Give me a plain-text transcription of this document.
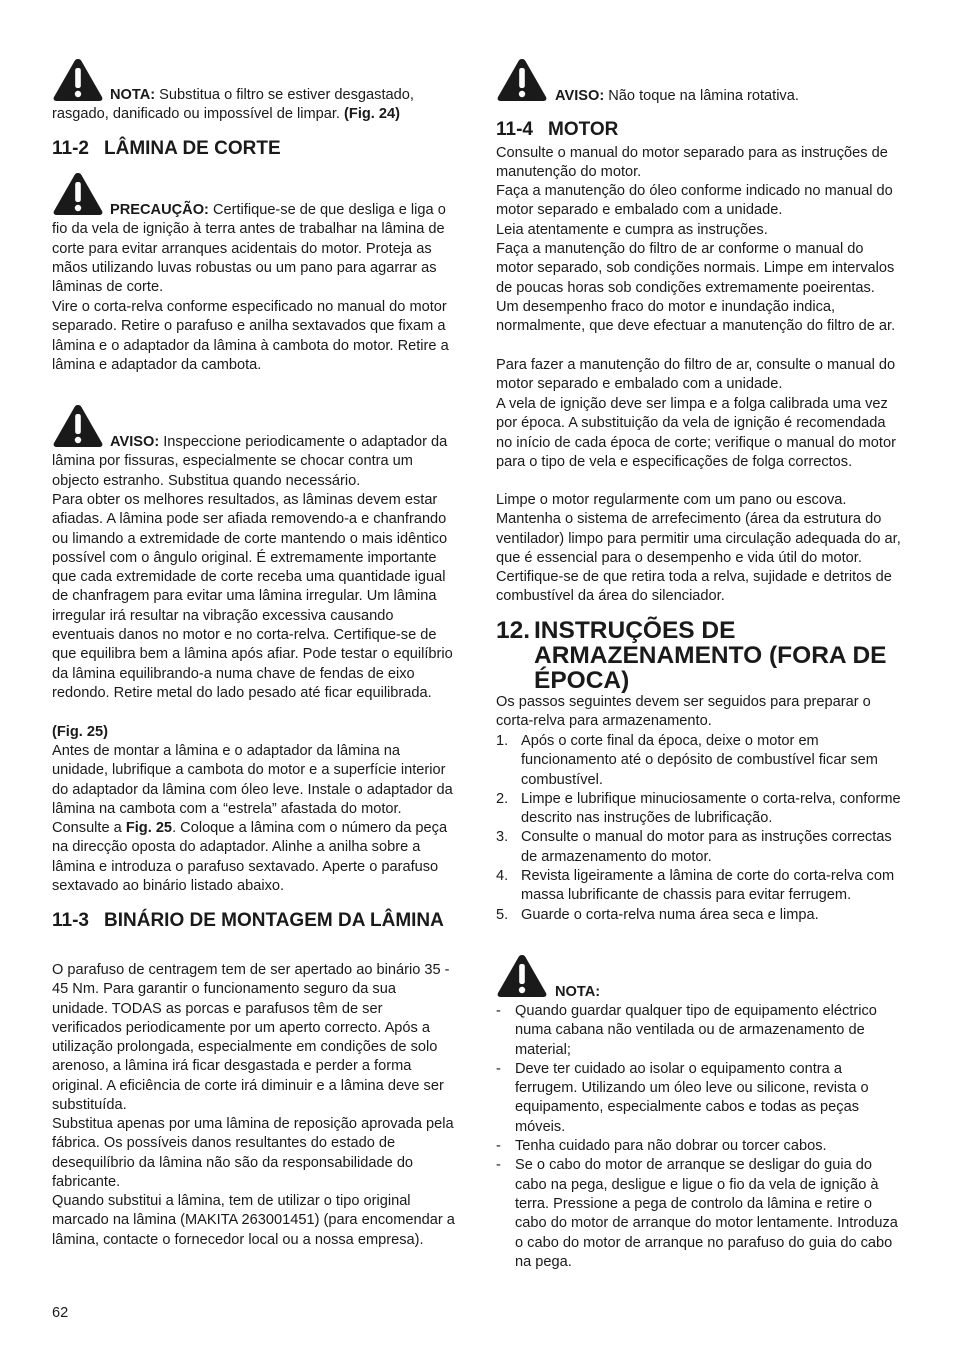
NOTA: Substitua o filtro se estiver desgastado, rasgado, danificado ou impossível de limpar. (Fig. 24)

11-2 LÂMINA DE CORTE

PRECAUÇÃO: Certifique-se de que desliga e liga o fio da vela de ignição à terra antes de trabalhar na lâmina de corte para evitar arranques acidentais do motor. Proteja as mãos utilizando luvas robustas ou um pano para agarrar as lâminas de corte.

Vire o corta-relva conforme especificado no manual do motor separado. Retire o parafuso e anilha sextavados que fixam a lâmina e o adaptador da lâmina à cambota do motor. Retire a lâmina e adaptador da cambota.

AVISO: Inspeccione periodicamente o adaptador da lâmina por fissuras, especialmente se chocar contra um objecto estranho. Substitua quando necessário.

Para obter os melhores resultados, as lâminas devem estar afiadas. A lâmina pode ser afiada removendo-a e chanfrando ou limando a extremidade de corte mantendo o mais idêntico possível com o ângulo original. É extremamente importante que cada extremidade de corte receba uma quantidade igual de chanfragem para evitar uma lâmina irregular. Um lâmina irregular irá resultar na vibração excessiva causando eventuais danos no motor e no corta-relva. Certifique-se de que equilibra bem a lâmina após afiar. Pode testar o equilíbrio da lâmina equilibrando-a numa chave de fendas de eixo redondo. Retire metal do lado pesado até ficar equilibrada.

(Fig. 25)

Antes de montar a lâmina e o adaptador da lâmina na unidade, lubrifique a cambota do motor e a superfície interior do adaptador da lâmina com óleo leve. Instale o adaptador da lâmina na cambota com a “estrela” afastada do motor. Consulte a Fig. 25. Coloque a lâmina com o número da peça na direcção oposta do adaptador. Alinhe a anilha sobre a lâmina e introduza o parafuso sextavado. Aperte o parafuso sextavado ao binário listado abaixo.

11-3 BINÁRIO DE MONTAGEM DA LÂMINA

O parafuso de centragem tem de ser apertado ao binário 35 - 45 Nm. Para garantir o funcionamento seguro da sua unidade. TODAS as porcas e parafusos têm de ser verificados periodicamente por um aperto correcto. Após a utilização prolongada, especialmente em condições de solo arenoso, a lâmina irá ficar desgastada e perder a forma original. A eficiência de corte irá diminuir e a lâmina deve ser substituída.

Substitua apenas por uma lâmina de reposição aprovada pela fábrica. Os possíveis danos resultantes do estado de desequilíbrio da lâmina não são da responsabilidade do fabricante.

Quando substitui a lâmina, tem de utilizar o tipo original marcado na lâmina (MAKITA 263001451) (para encomendar a lâmina, contacte o fornecedor local ou a nossa empresa).

AVISO: Não toque na lâmina rotativa.

11-4 MOTOR

Consulte o manual do motor separado para as instruções de manutenção do motor.

Faça a manutenção do óleo conforme indicado no manual do motor separado e embalado com a unidade.

Leia atentamente e cumpra as instruções.

Faça a manutenção do filtro de ar conforme o manual do motor separado, sob condições normais. Limpe em intervalos de poucas horas sob condições extremamente poeirentas. Um desempenho fraco do motor e inundação indica, normalmente, que deve efectuar a manutenção do filtro de ar.

Para fazer a manutenção do filtro de ar, consulte o manual do motor separado e embalado com a unidade.

A vela de ignição deve ser limpa e a folga calibrada uma vez por época. A substituição da vela de ignição é recomendada no início de cada época de corte; verifique o manual do motor para o tipo de vela e especificações de folga correctos.

Limpe o motor regularmente com um pano ou escova. Mantenha o sistema de arrefecimento (área da estrutura do ventilador) limpo para permitir uma circulação adequada do ar, que é essencial para o desempenho e vida útil do motor. Certifique-se de que retira toda a relva, sujidade e detritos de combustível da área do silenciador.

12. INSTRUÇÕES DE ARMAZENAMENTO (FORA DE ÉPOCA)

Os passos seguintes devem ser seguidos para preparar o corta-relva para armazenamento.

1. Após o corte final da época, deixe o motor em funcionamento até o depósito de combustível ficar sem combustível.
2. Limpe e lubrifique minuciosamente o corta-relva, conforme descrito nas instruções de lubrificação.
3. Consulte o manual do motor para as instruções correctas de armazenamento do motor.
4. Revista ligeiramente a lâmina de corte do corta-relva com massa lubrificante de chassis para evitar ferrugem.
5. Guarde o corta-relva numa área seca e limpa.

NOTA:

- Quando guardar qualquer tipo de equipamento eléctrico numa cabana não ventilada ou de armazenamento de material;
- Deve ter cuidado ao isolar o equipamento contra a ferrugem. Utilizando um óleo leve ou silicone, revista o equipamento, especialmente cabos e todas as peças móveis.
- Tenha cuidado para não dobrar ou torcer cabos.
- Se o cabo do motor de arranque se desligar do guia do cabo na pega, desligue e ligue o fio da vela de ignição à terra. Pressione a pega de controlo da lâmina e retire o cabo do motor de arranque do motor lentamente. Introduza o cabo do motor de arranque no parafuso do guia do cabo na pega.

62
